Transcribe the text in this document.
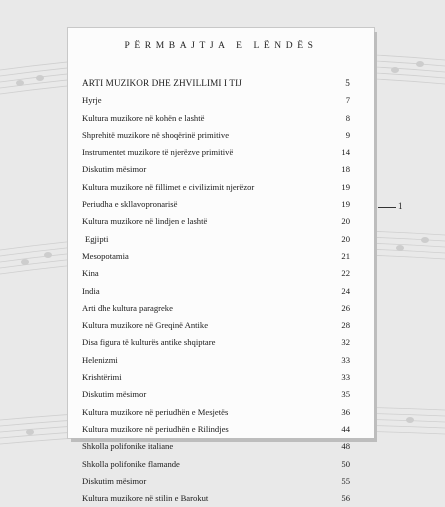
PËRMBAJTJA E LËNDËS
ARTI MUZIKOR DHE ZHVILLIMI I TIJ	5
Hyrje	7
Kultura muzikore në kohën e lashtë	8
Shprehitë muzikore në shoqërinë primitive	9
Instrumentet muzikore të njerëzve primitivë	14
Diskutim mësimor	18
Kultura muzikore në fillimet e civilizimit njerëzor	19
Periudha e skllavopronarisë	19
Kultura muzikore në lindjen e lashtë	20
Egjipti	20
Mesopotamia	21
Kina	22
India	24
Arti dhe kultura paragreke	26
Kultura muzikore në Greqinë Antike	28
Disa figura të kulturës antike shqiptare	32
Helenizmi	33
Krishtërimi	33
Diskutim mësimor	35
Kultura muzikore në periudhën e Mesjetës	36
Kultura muzikore në periudhën e Rilindjes	44
Shkolla polifonike italiane	48
Shkolla polifonike flamande	50
Diskutim mësimor	55
Kultura muzikore në stilin e Barokut	56
1
